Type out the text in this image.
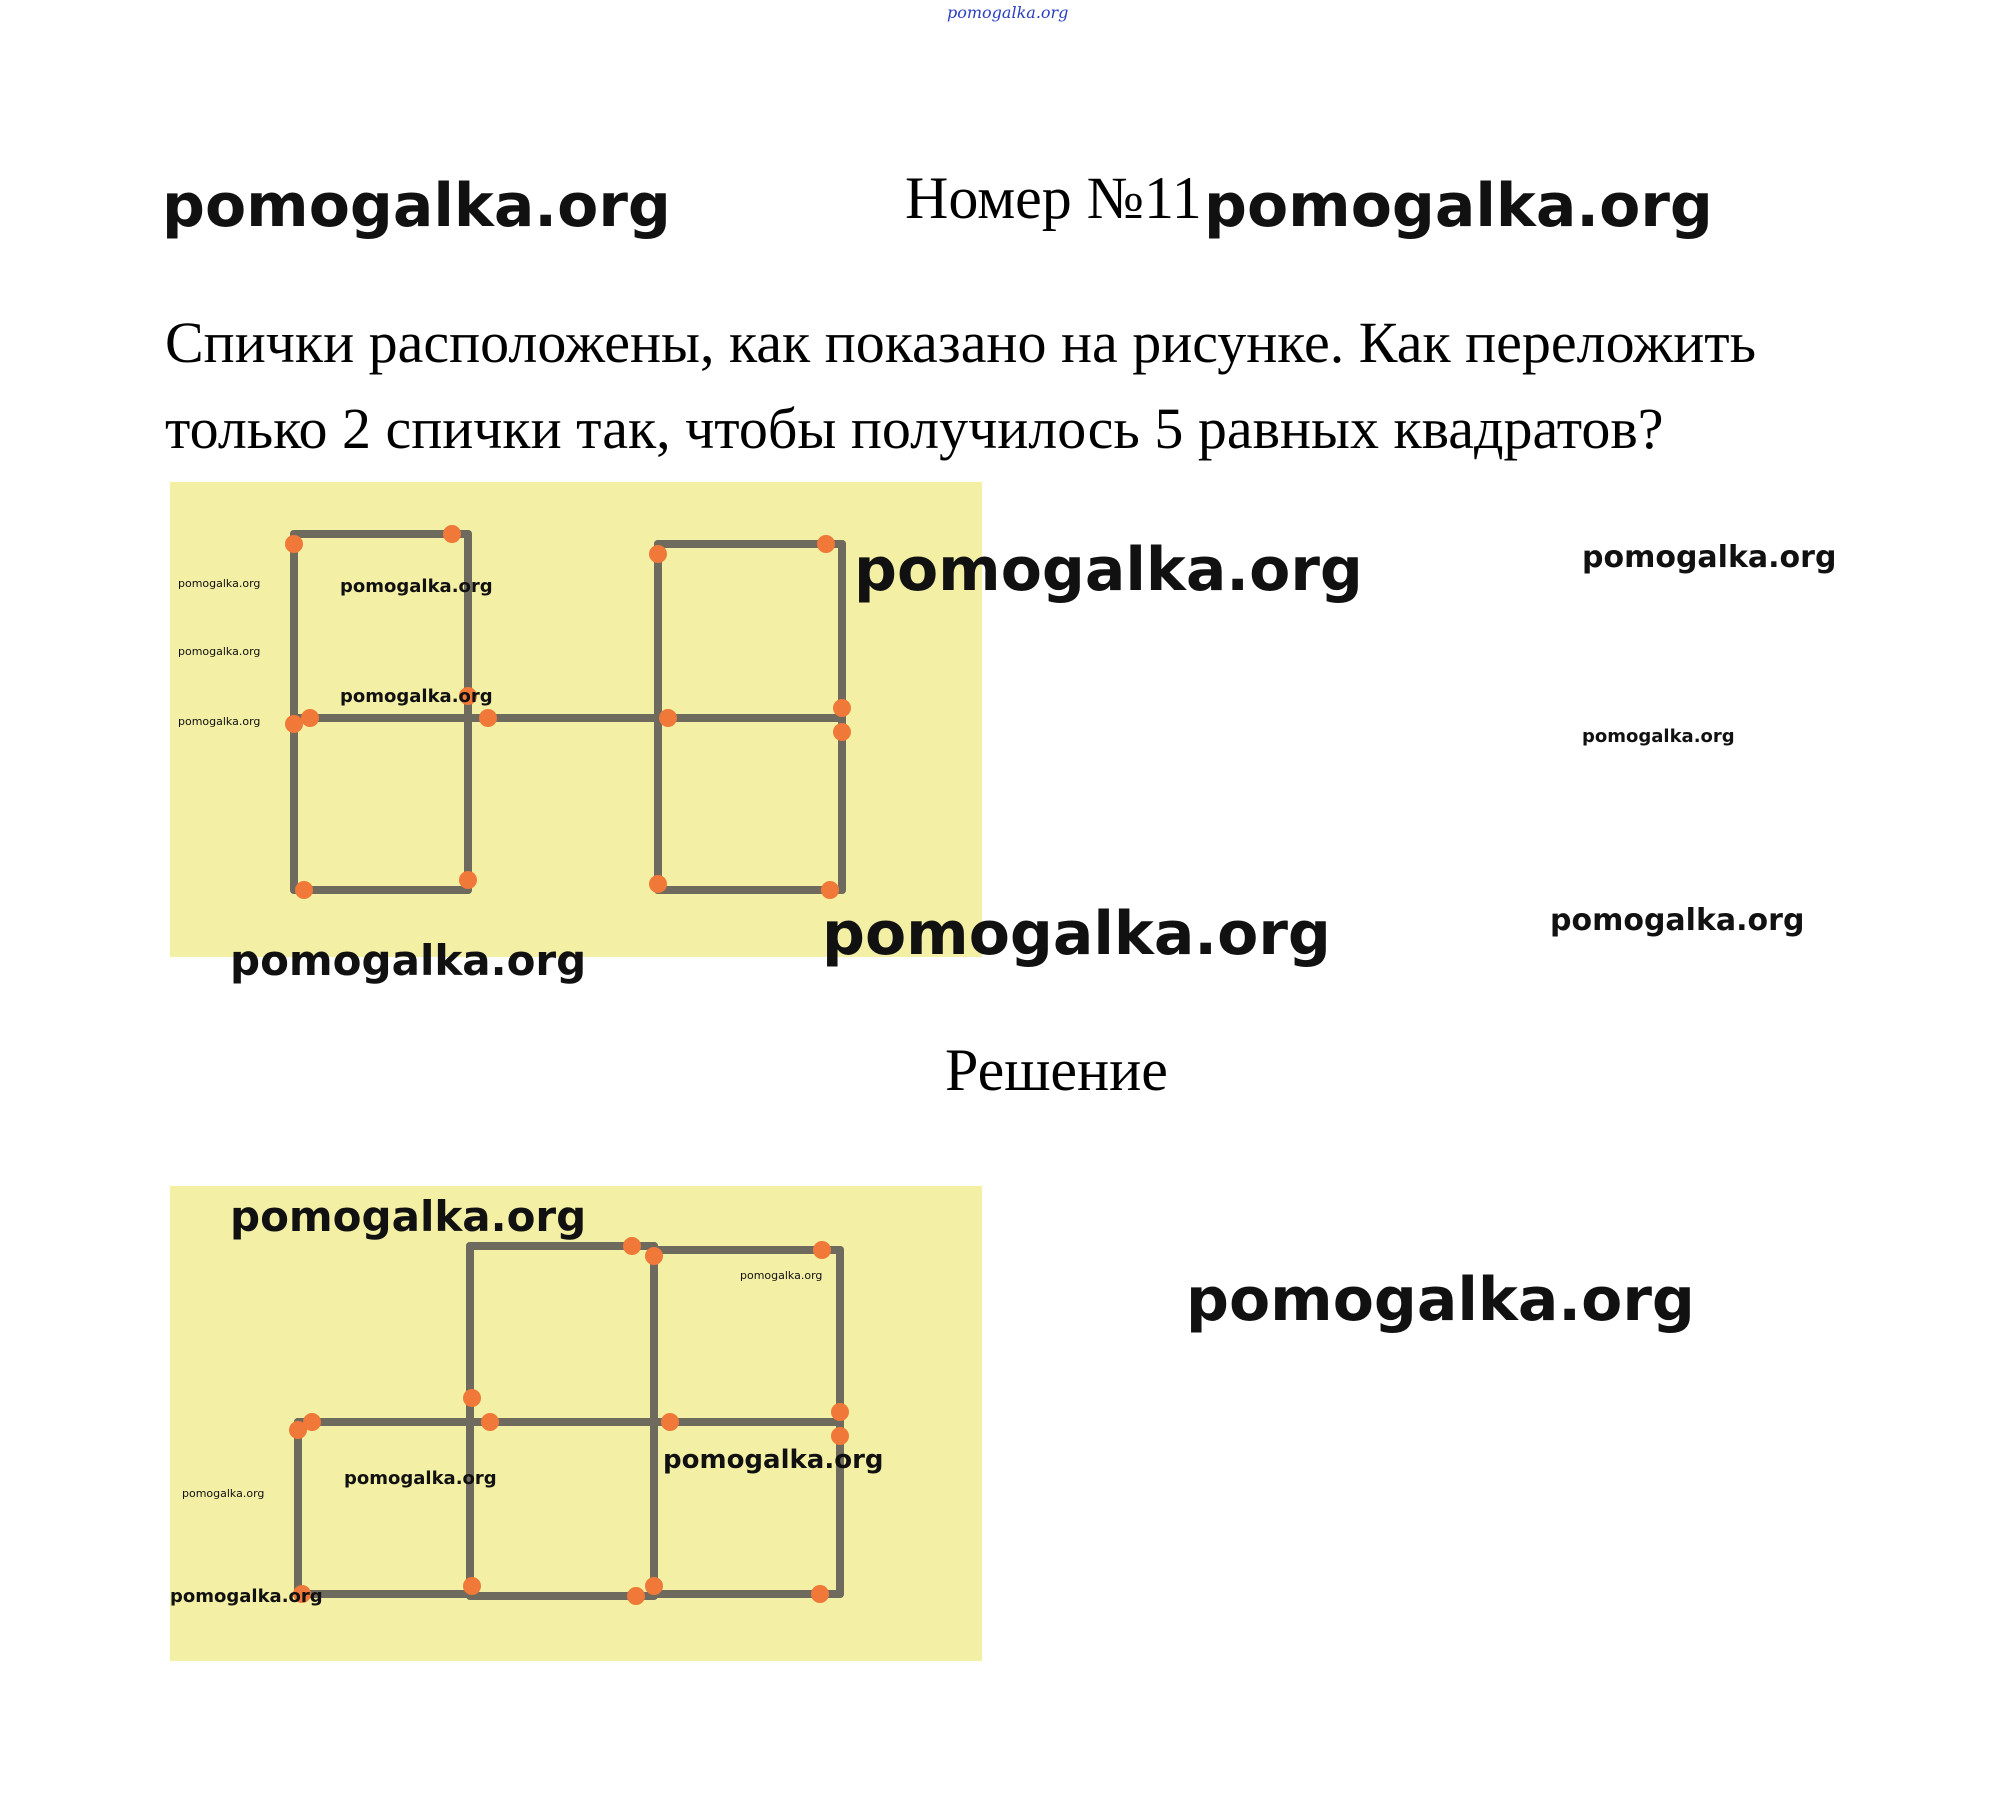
pomogalka.org
pomogalka.org	Номер №11 pomogalka.org
Спички расположены, как показано на рисунке. Как переложить только 2 спички так, чтобы получилось 5 равных квадратов?
pomogalka.org
pomogalka.org
pomogalka.org
pomogalka.org
pomogalka.org
pomogalka.org	pomogalka.org
pomogalka.org
pomogalka.org	pomogalka.org	pomogalka.org
Решение
pomogalka.org
pomogalka.org	pomogalka.org
pomogalka.org
pomogalka.org
pomogalka.org
pomogalka.org
